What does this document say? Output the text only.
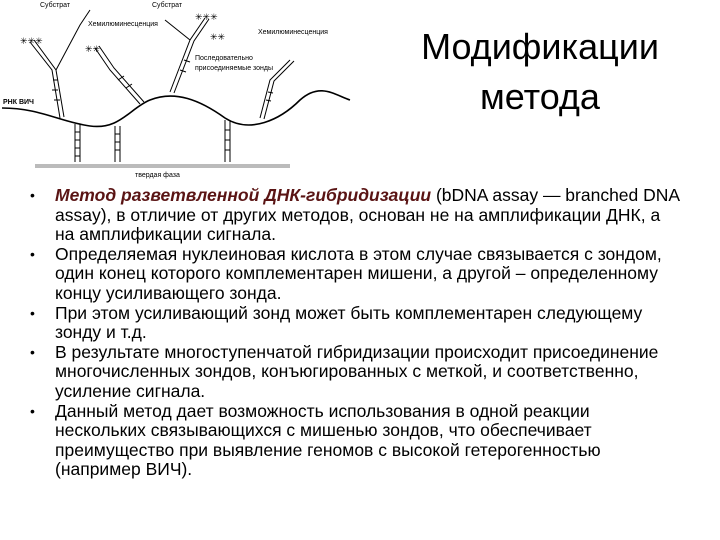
✳✳✳
✳✳✳
✳✳
✳✳
Субстрат	Субстрат
Хемилюминесценция
Хемилюминесценция
Последовательно
присоединяемые зонды
РНК ВИЧ
твердая фаза
Модификации
метода
• Метод разветвленной ДНК-гибридизации (bDNA assay — branched DNA assay), в отличие от других методов, основан не на амплификации ДНК, а на амплификации сигнала.
• Определяемая нуклеиновая кислота в этом случае связывается с зондом, один конец которого комплементарен мишени, а другой – определенному концу усиливающего зонда.
• При этом усиливающий зонд может быть комплементарен следующему зонду и т.д.
• В результате многоступенчатой гибридизации происходит присоединение многочисленных зондов, конъюгированных с меткой, и соответственно, усиление сигнала.
• Данный метод дает возможность использования в одной реакции нескольких связывающихся с мишенью зондов, что обеспечивает преимущество при выявление геномов с высокой гетерогенностью (например ВИЧ).
